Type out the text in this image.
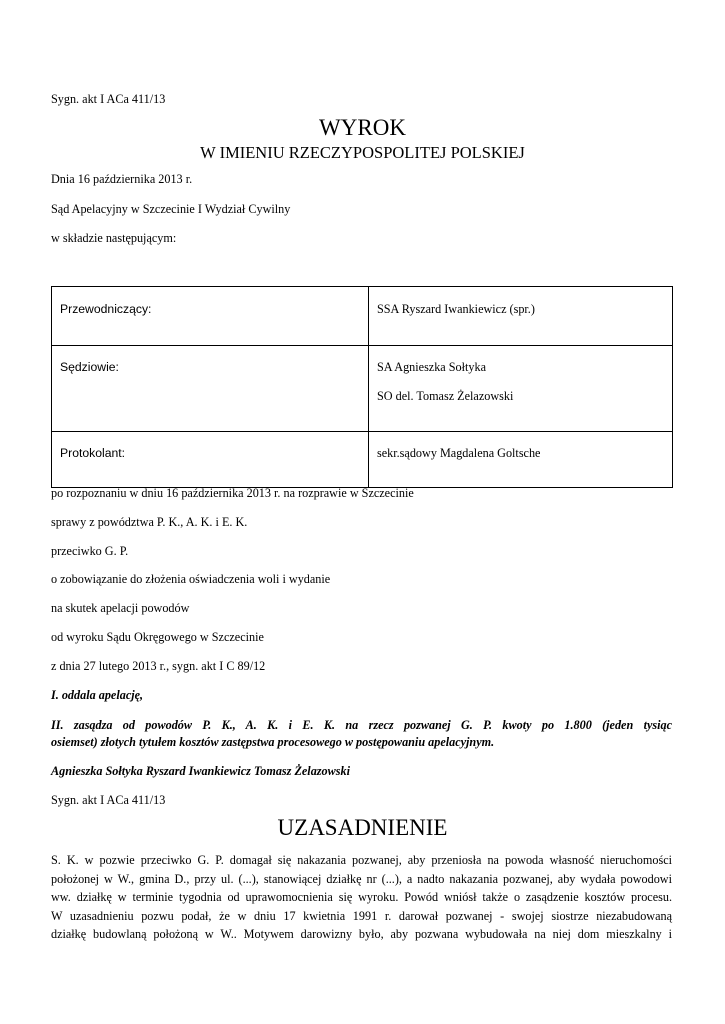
Sygn. akt I ACa 411/13
WYROK
W IMIENIU RZECZYPOSPOLITEJ POLSKIEJ
Dnia 16 października 2013 r.
Sąd Apelacyjny w Szczecinie I Wydział Cywilny
w składzie następującym:
Przewodniczący:	SSA Ryszard Iwankiewicz (spr.)
Sędziowie:	SA Agnieszka Sołtyka
SO del. Tomasz Żelazowski

Protokolant:	sekr.sądowy Magdalena Goltsche
po rozpoznaniu w dniu 16 października 2013 r. na rozprawie w Szczecinie
sprawy z powództwa P. K., A. K. i E. K.
przeciwko G. P.
o zobowiązanie do złożenia oświadczenia woli i wydanie
na skutek apelacji powodów
od wyroku Sądu Okręgowego w Szczecinie
z dnia 27 lutego 2013 r., sygn. akt I C 89/12
I. oddala apelację,
II. zasądza od powodów P. K., A. K. i E. K. na rzecz pozwanej G. P. kwoty po 1.800 (jeden tysiąc
osiemset) złotych tytułem kosztów zastępstwa procesowego w postępowaniu apelacyjnym.
Agnieszka Sołtyka Ryszard Iwankiewicz Tomasz Żelazowski
Sygn. akt I ACa 411/13
UZASADNIENIE
S. K. w pozwie przeciwko G. P. domagał się nakazania pozwanej, aby przeniosła na powoda własność nieruchomości
położonej w W., gmina D., przy ul. (...), stanowiącej działkę nr (...), a nadto nakazania pozwanej, aby wydała powodowi
ww. działkę w terminie tygodnia od uprawomocnienia się wyroku. Powód wniósł także o zasądzenie kosztów procesu.
W uzasadnieniu pozwu podał, że w dniu 17 kwietnia 1991 r. darował pozwanej - swojej siostrze niezabudowaną
działkę budowlaną położoną w W.. Motywem darowizny było, aby pozwana wybudowała na niej dom mieszkalny i
